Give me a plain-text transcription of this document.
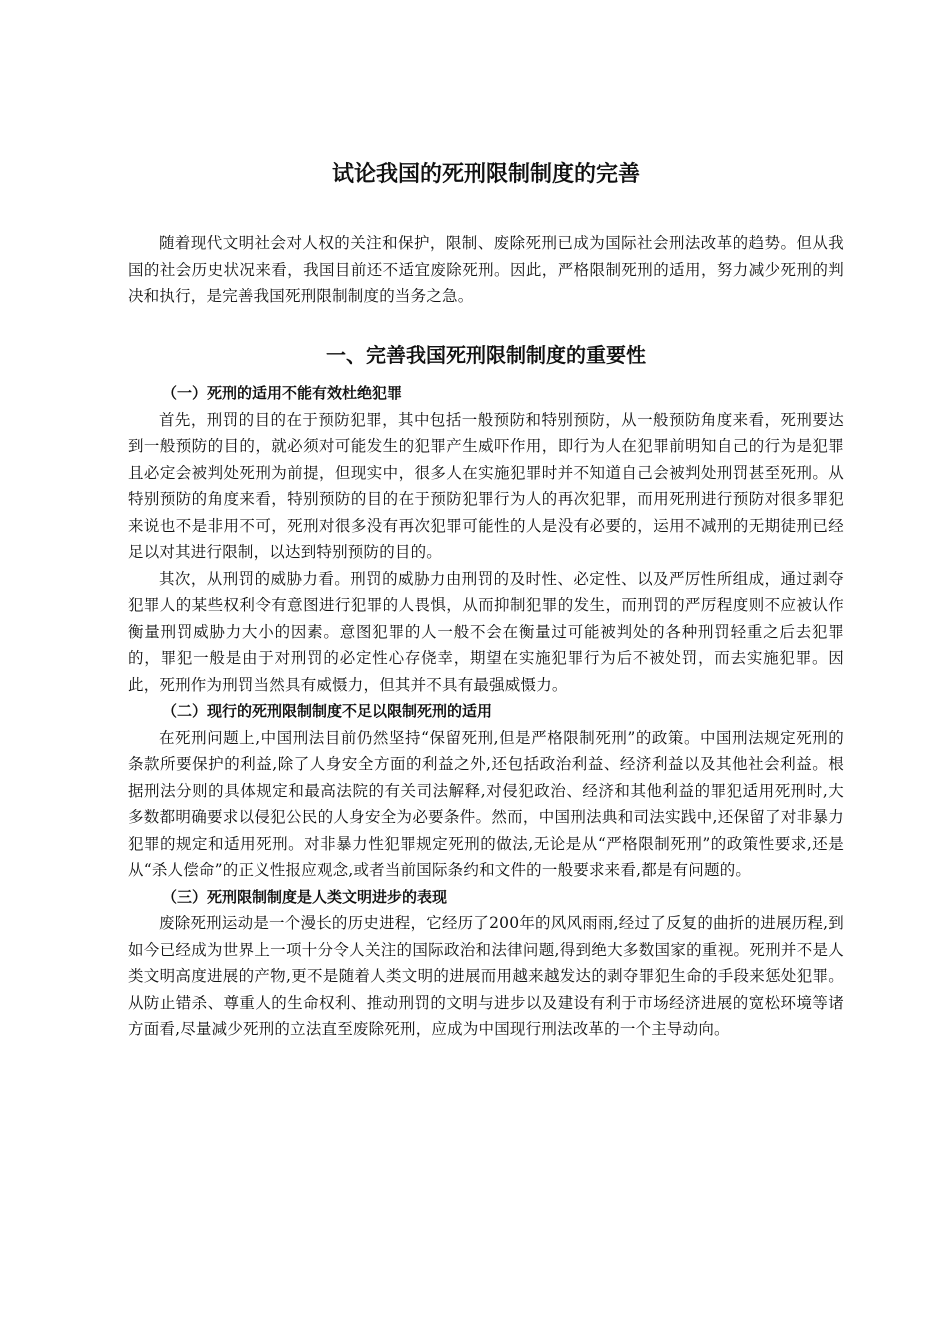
试论我国的死刑限制制度的完善

随着现代文明社会对人权的关注和保护，限制、废除死刑已成为国际社会刑法改革的趋势。但从我国的社会历史状况来看，我国目前还不适宜废除死刑。因此，严格限制死刑的适用，努力减少死刑的判决和执行，是完善我国死刑限制制度的当务之急。

一、完善我国死刑限制制度的重要性
（一）死刑的适用不能有效杜绝犯罪

首先，刑罚的目的在于预防犯罪，其中包括一般预防和特别预防，从一般预防角度来看，死刑要达到一般预防的目的，就必须对可能发生的犯罪产生威吓作用，即行为人在犯罪前明知自己的行为是犯罪且必定会被判处死刑为前提，但现实中，很多人在实施犯罪时并不知道自己会被判处刑罚甚至死刑。从特别预防的角度来看，特别预防的目的在于预防犯罪行为人的再次犯罪，而用死刑进行预防对很多罪犯来说也不是非用不可，死刑对很多没有再次犯罪可能性的人是没有必要的，运用不减刑的无期徒刑已经足以对其进行限制，以达到特别预防的目的。

其次，从刑罚的威胁力看。刑罚的威胁力由刑罚的及时性、必定性、以及严厉性所组成，通过剥夺犯罪人的某些权利令有意图进行犯罪的人畏惧，从而抑制犯罪的发生，而刑罚的严厉程度则不应被认作衡量刑罚威胁力大小的因素。意图犯罪的人一般不会在衡量过可能被判处的各种刑罚轻重之后去犯罪的，罪犯一般是由于对刑罚的必定性心存侥幸，期望在实施犯罪行为后不被处罚，而去实施犯罪。因此，死刑作为刑罚当然具有威慑力，但其并不具有最强威慑力。

（二）现行的死刑限制制度不足以限制死刑的适用

在死刑问题上,中国刑法目前仍然坚持“保留死刑,但是严格限制死刑”的政策。中国刑法规定死刑的条款所要保护的利益,除了人身安全方面的利益之外,还包括政治利益、经济利益以及其他社会利益。根据刑法分则的具体规定和最高法院的有关司法解释,对侵犯政治、经济和其他利益的罪犯适用死刑时,大多数都明确要求以侵犯公民的人身安全为必要条件。然而，中国刑法典和司法实践中,还保留了对非暴力犯罪的规定和适用死刑。对非暴力性犯罪规定死刑的做法,无论是从“严格限制死刑”的政策性要求,还是从“杀人偿命”的正义性报应观念,或者当前国际条约和文件的一般要求来看,都是有问题的。

（三）死刑限制制度是人类文明进步的表现

废除死刑运动是一个漫长的历史进程，它经历了200年的风风雨雨,经过了反复的曲折的进展历程,到如今已经成为世界上一项十分令人关注的国际政治和法律问题,得到绝大多数国家的重视。死刑并不是人类文明高度进展的产物,更不是随着人类文明的进展而用越来越发达的剥夺罪犯生命的手段来惩处犯罪。从防止错杀、尊重人的生命权利、推动刑罚的文明与进步以及建设有利于市场经济进展的宽松环境等诸方面看,尽量减少死刑的立法直至废除死刑，应成为中国现行刑法改革的一个主导动向。
